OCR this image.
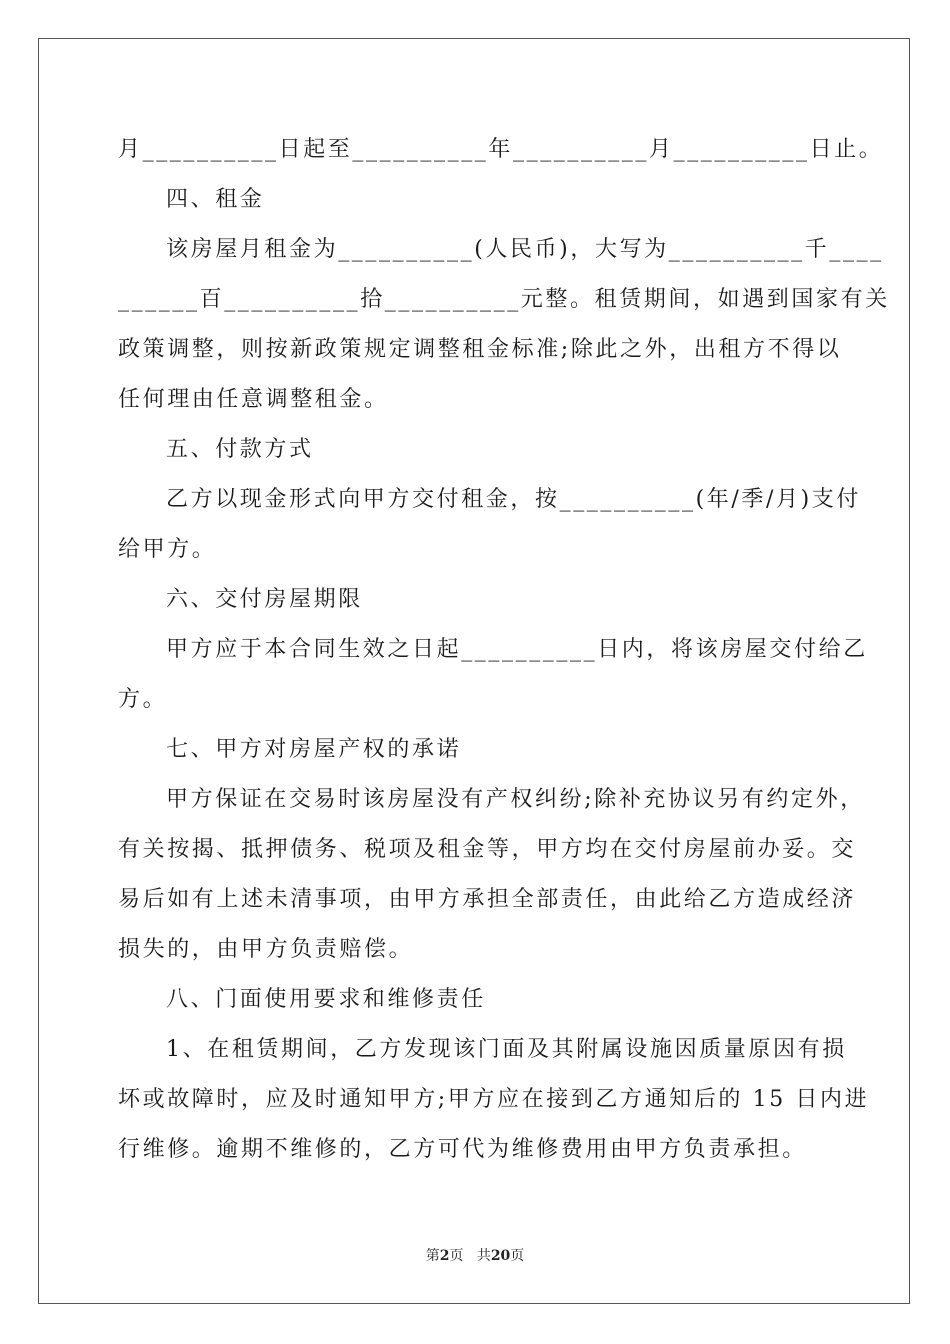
月__________日起至__________年__________月__________日止。
四、租金
该房屋月租金为__________(人民币)，大写为__________千____
______百__________拾__________元整。租赁期间，如遇到国家有关
政策调整，则按新政策规定调整租金标准;除此之外，出租方不得以
任何理由任意调整租金。
五、付款方式
乙方以现金形式向甲方交付租金，按__________(年/季/月)支付
给甲方。
六、交付房屋期限
甲方应于本合同生效之日起__________日内，将该房屋交付给乙
方。
七、甲方对房屋产权的承诺
甲方保证在交易时该房屋没有产权纠纷;除补充协议另有约定外，
有关按揭、抵押债务、税项及租金等，甲方均在交付房屋前办妥。交
易后如有上述未清事项，由甲方承担全部责任，由此给乙方造成经济
损失的，由甲方负责赔偿。
八、门面使用要求和维修责任
1、在租赁期间，乙方发现该门面及其附属设施因质量原因有损
坏或故障时，应及时通知甲方;甲方应在接到乙方通知后的 15 日内进
行维修。逾期不维修的，乙方可代为维修费用由甲方负责承担。
第2页 共20页
